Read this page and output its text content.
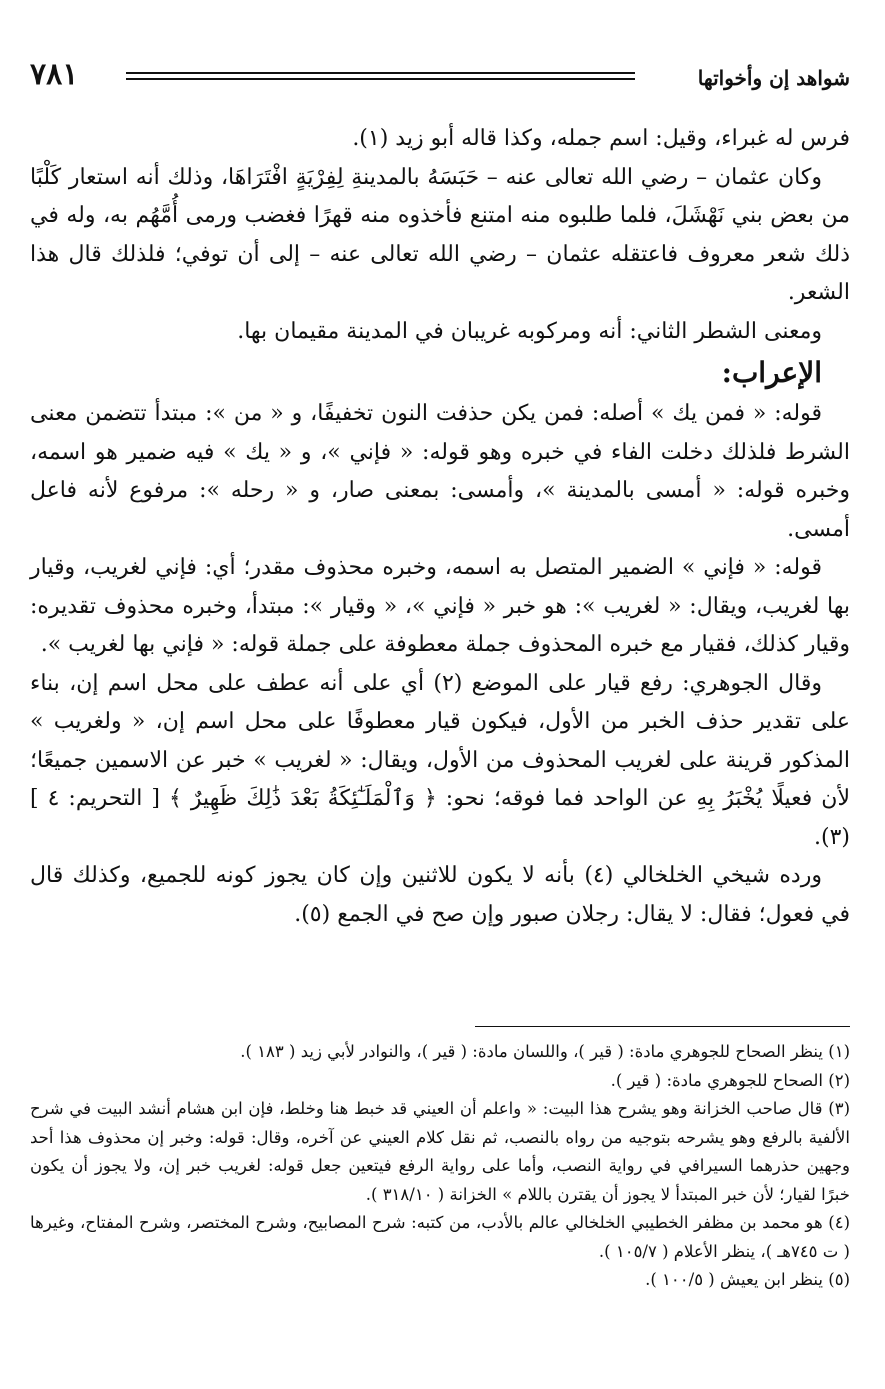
٧٨١	شواهد إن وأخواتها

فرس له غبراء، وقيل: اسم جمله، وكذا قاله أبو زيد (١).

وكان عثمان – رضي الله تعالى عنه – حَبَسَهُ بالمدينةِ لِفِرْيَةٍ افْتَرَاهَا، وذلك أنه استعار كَلْبًا من بعض بني نَهْشَلَ، فلما طلبوه منه امتنع فأخذوه منه قهرًا فغضب ورمى أُمَّهُم به، وله في ذلك شعر معروف فاعتقله عثمان – رضي الله تعالى عنه – إلى أن توفي؛ فلذلك قال هذا الشعر.

ومعنى الشطر الثاني: أنه ومركوبه غريبان في المدينة مقيمان بها.

الإعراب:

قوله: « فمن يك » أصله: فمن يكن حذفت النون تخفيفًا، و « من »: مبتدأ تتضمن معنى الشرط فلذلك دخلت الفاء في خبره وهو قوله: « فإني »، و « يك » فيه ضمير هو اسمه، وخبره قوله: « أمسى بالمدينة »، وأمسى: بمعنى صار، و « رحله »: مرفوع لأنه فاعل أمسى.

قوله: « فإني » الضمير المتصل به اسمه، وخبره محذوف مقدر؛ أي: فإني لغريب، وقيار بها لغريب، ويقال: « لغريب »: هو خبر « فإني »، « وقيار »: مبتدأ، وخبره محذوف تقديره: وقيار كذلك، فقيار مع خبره المحذوف جملة معطوفة على جملة قوله: « فإني بها لغريب ».

وقال الجوهري: رفع قيار على الموضع (٢) أي على أنه عطف على محل اسم إن، بناء على تقدير حذف الخبر من الأول، فيكون قيار معطوفًا على محل اسم إن، « ولغريب » المذكور قرينة على لغريب المحذوف من الأول، ويقال: « لغريب » خبر عن الاسمين جميعًا؛ لأن فعيلًا يُخْبَرُ بِهِ عن الواحد فما فوقه؛ نحو: ﴿ وَٱلْمَلَـٰٓئِكَةُ بَعْدَ ذَٰلِكَ ظَهِيرٌ ﴾ [ التحريم: ٤ ] (٣).

ورده شيخي الخلخالي (٤) بأنه لا يكون للاثنين وإن كان يجوز كونه للجميع، وكذلك قال في فعول؛ فقال: لا يقال: رجلان صبور وإن صح في الجمع (٥).

(١) ينظر الصحاح للجوهري مادة: ( قير )، واللسان مادة: ( قير )، والنوادر لأبي زيد ( ١٨٣ ).

(٢) الصحاح للجوهري مادة: ( قير ).

(٣) قال صاحب الخزانة وهو يشرح هذا البيت: « واعلم أن العيني قد خبط هنا وخلط، فإن ابن هشام أنشد البيت في شرح الألفية بالرفع وهو يشرحه بتوجيه من رواه بالنصب، ثم نقل كلام العيني عن آخره، وقال: قوله: وخبر إن محذوف هذا أحد وجهين حذرهما السيرافي في رواية النصب، وأما على رواية الرفع فيتعين جعل قوله: لغريب خبر إن، ولا يجوز أن يكون خبرًا لقيار؛ لأن خبر المبتدأ لا يجوز أن يقترن باللام » الخزانة ( ٣١٨/١٠ ).

(٤) هو محمد بن مظفر الخطيبي الخلخالي عالم بالأدب، من كتبه: شرح المصابيح، وشرح المختصر، وشرح المفتاح، وغيرها ( ت ٧٤٥هـ )، ينظر الأعلام ( ١٠٥/٧ ).

(٥) ينظر ابن يعيش ( ١٠٠/٥ ).
